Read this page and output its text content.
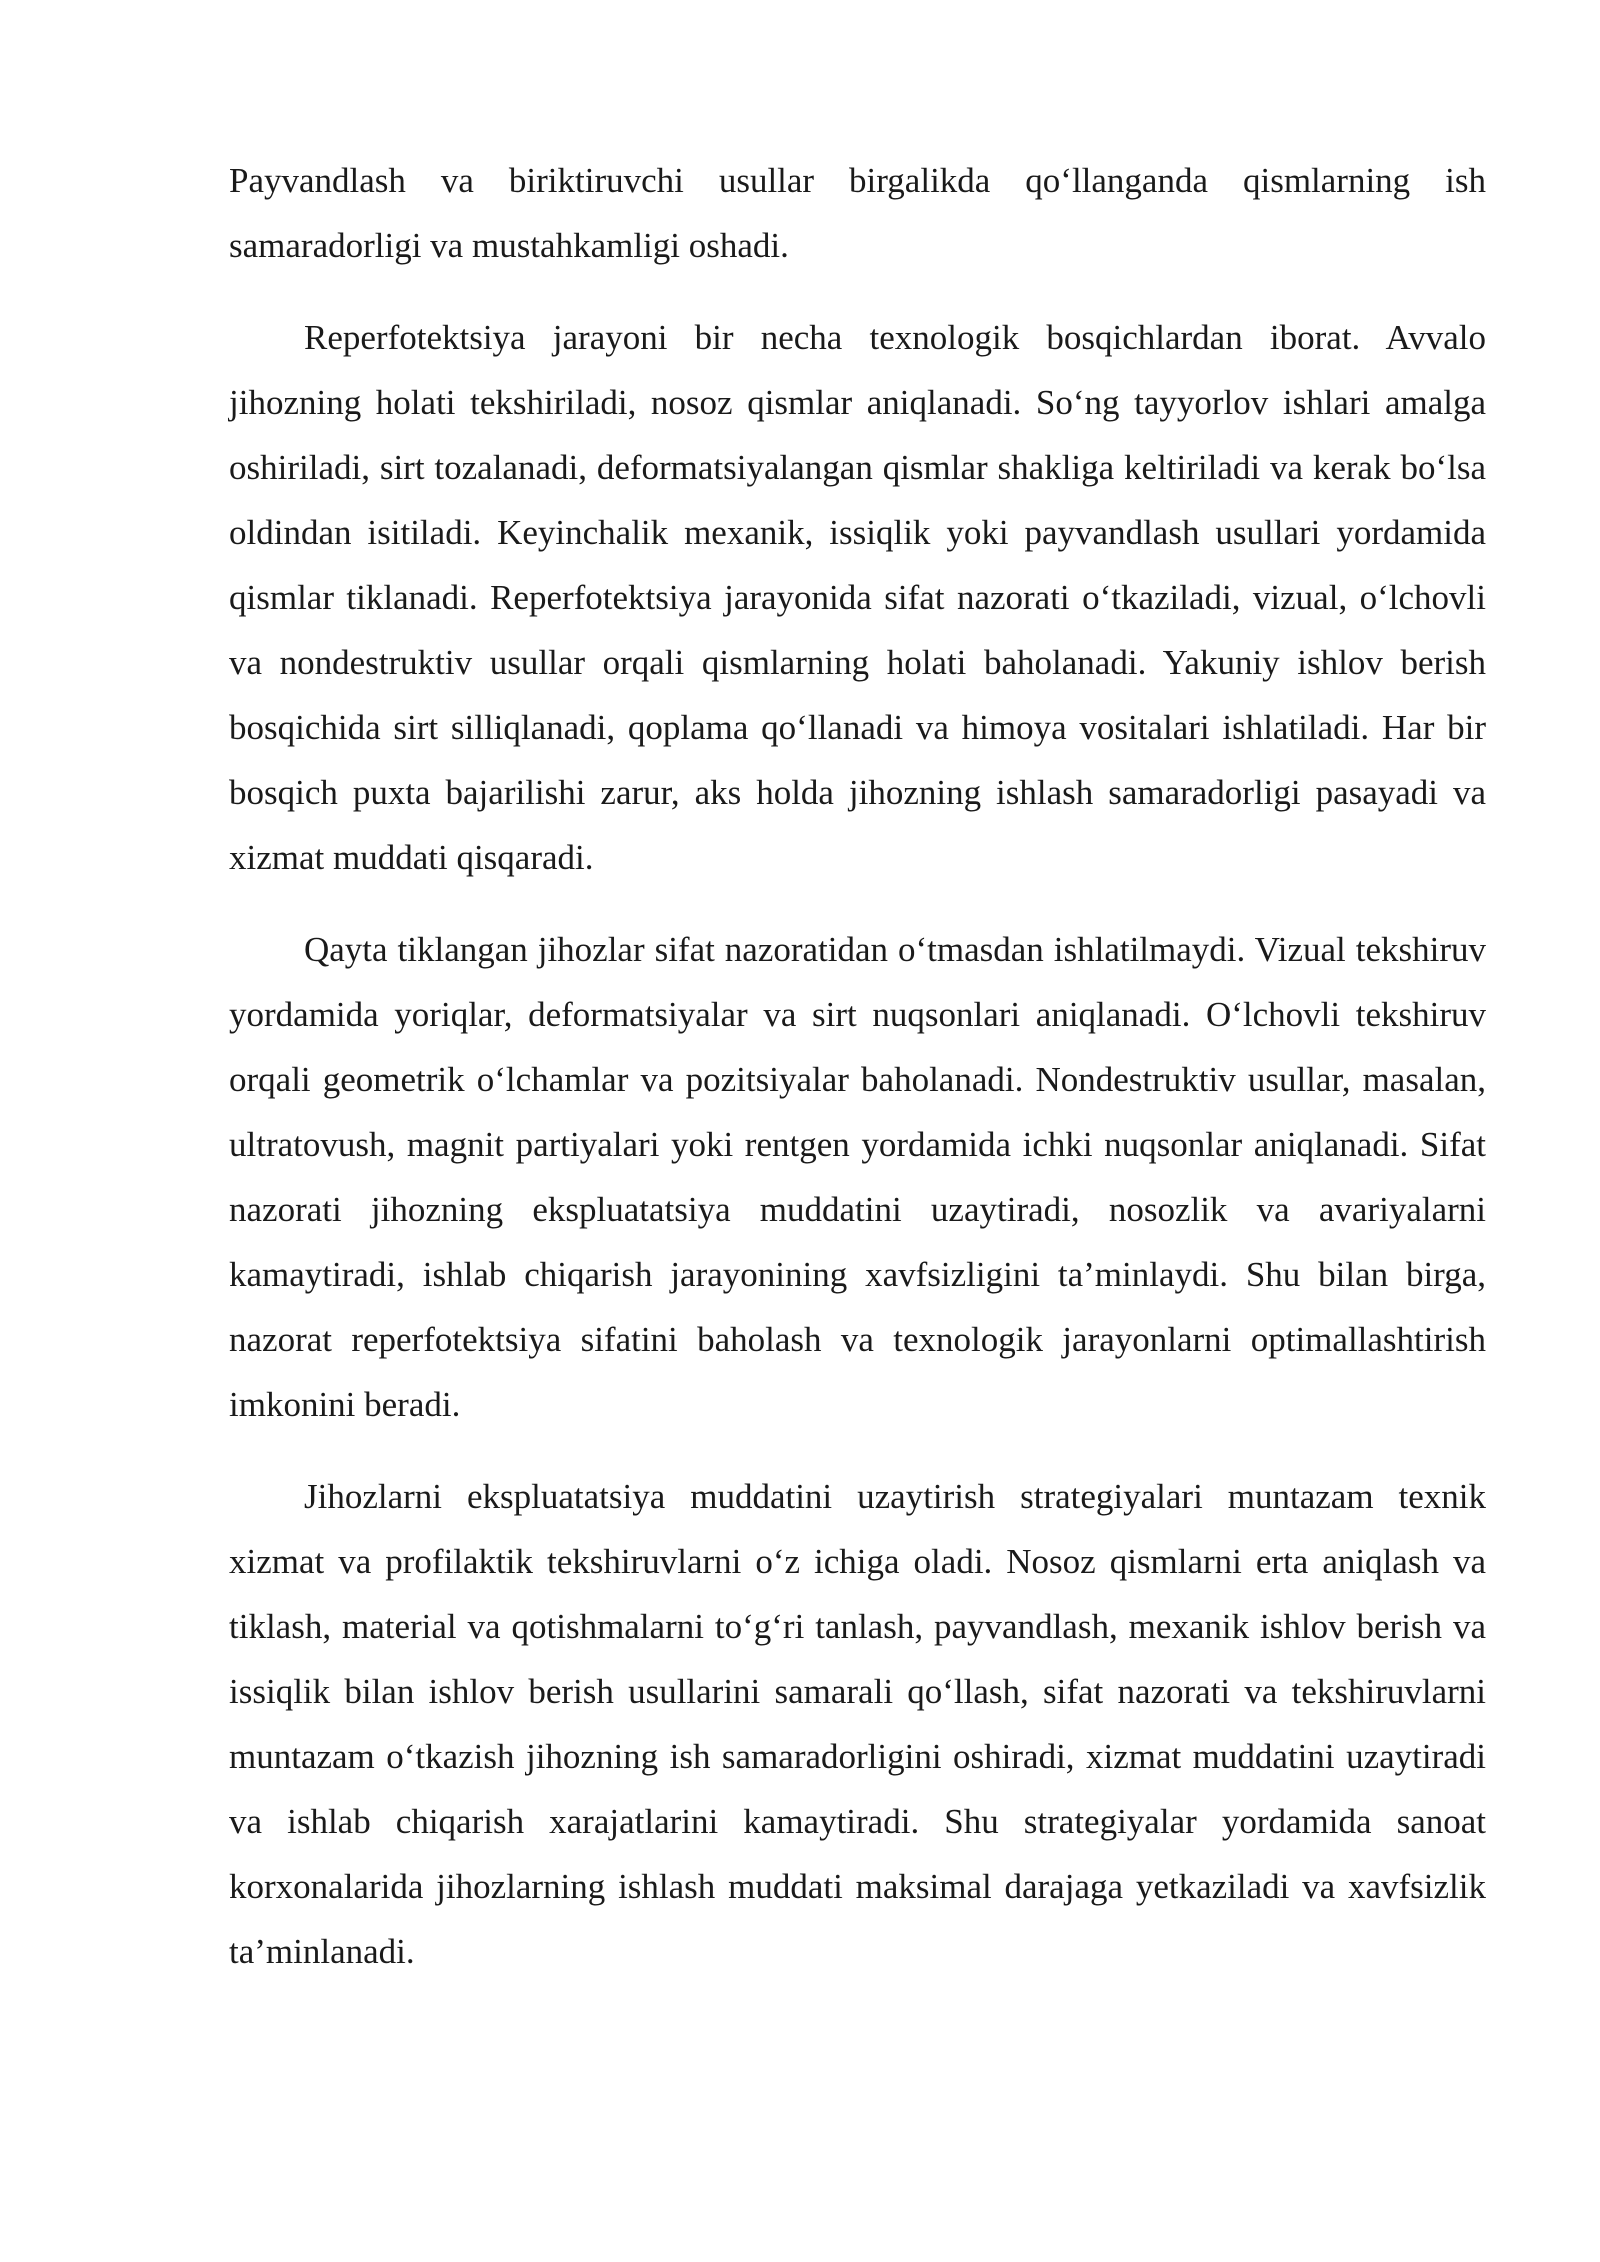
Payvandlash va biriktiruvchi usullar birgalikda qo‘llanganda qismlarning ish samaradorligi va mustahkamligi oshadi.

Reperfotektsiya jarayoni bir necha texnologik bosqichlardan iborat. Avvalo jihozning holati tekshiriladi, nosoz qismlar aniqlanadi. So‘ng tayyorlov ishlari amalga oshiriladi, sirt tozalanadi, deformatsiyalangan qismlar shakliga keltiriladi va kerak bo‘lsa oldindan isitiladi. Keyinchalik mexanik, issiqlik yoki payvandlash usullari yordamida qismlar tiklanadi. Reperfotektsiya jarayonida sifat nazorati o‘tkaziladi, vizual, o‘lchovli va nondestruktiv usullar orqali qismlarning holati baholanadi. Yakuniy ishlov berish bosqichida sirt silliqlanadi, qoplama qo‘llanadi va himoya vositalari ishlatiladi. Har bir bosqich puxta bajarilishi zarur, aks holda jihozning ishlash samaradorligi pasayadi va xizmat muddati qisqaradi.

Qayta tiklangan jihozlar sifat nazoratidan o‘tmasdan ishlatilmaydi. Vizual tekshiruv yordamida yoriqlar, deformatsiyalar va sirt nuqsonlari aniqlanadi. O‘lchovli tekshiruv orqali geometrik o‘lchamlar va pozitsiyalar baholanadi. Nondestruktiv usullar, masalan, ultratovush, magnit partiyalari yoki rentgen yordamida ichki nuqsonlar aniqlanadi. Sifat nazorati jihozning ekspluatatsiya muddatini uzaytiradi, nosozlik va avariyalarni kamaytiradi, ishlab chiqarish jarayonining xavfsizligini ta’minlaydi. Shu bilan birga, nazorat reperfotektsiya sifatini baholash va texnologik jarayonlarni optimallashtirish imkonini beradi.

Jihozlarni ekspluatatsiya muddatini uzaytirish strategiyalari muntazam texnik xizmat va profilaktik tekshiruvlarni o‘z ichiga oladi. Nosoz qismlarni erta aniqlash va tiklash, material va qotishmalarni to‘g‘ri tanlash, payvandlash, mexanik ishlov berish va issiqlik bilan ishlov berish usullarini samarali qo‘llash, sifat nazorati va tekshiruvlarni muntazam o‘tkazish jihozning ish samaradorligini oshiradi, xizmat muddatini uzaytiradi va ishlab chiqarish xarajatlarini kamaytiradi. Shu strategiyalar yordamida sanoat korxonalarida jihozlarning ishlash muddati maksimal darajaga yetkaziladi va xavfsizlik ta’minlanadi.
